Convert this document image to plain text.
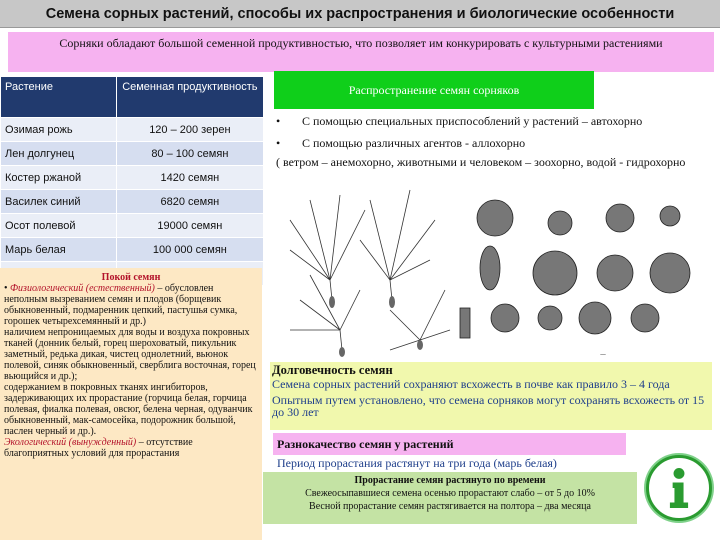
Семена сорных растений, способы их распространения и биологические особенности
Сорняки обладают большой семенной продуктивностью, что позволяет им конкурировать с культурными растениями
Растение	Семенная продуктивность
Озимая рожь	120 – 200 зерен
Лен долгунец	80 – 100 семян
Костер ржаной	1420 семян
Василек синий	6820 семян
Осот полевой	19000 семян
Марь белая	100 000 семян

Распространение семян сорняков
•	С помощью специальных приспособлений у растений – автохорно
•	С помощью различных агентов - аллохорно
( ветром – анемохорно, животными и человеком – зоохорно, водой - гидрохорно
—
Покой семян
• Физиологический (естественный) – обусловлен неполным вызреванием семян и плодов (борщевик обыкновенный, подмаренник цепкий, пастушья сумка, горошек четырехсемянный и др.)
наличием непроницаемых для воды и воздуха покровных тканей (донник белый, горец шероховатый, пикульник заметный, редька дикая, чистец однолетний, вьюнок полевой, синяк обыкновенный, сверблига восточная, горец вьющийся и др.);
содержанием в покровных тканях ингибиторов, задерживающих их прорастание (горчица белая, горчица полевая, фиалка полевая, овсюг, белена черная, одуванчик обыкновенный, мак-самосейка, подорожник большой, паслен черный и др.).
Экологический (вынужденный) – отсутствие благоприятных условий для прорастания
Долговечность семян
Семена сорных растений сохраняют всхожесть в почве как правило 3 – 4 года
Опытным путем установлено, что семена сорняков могут сохранять всхожесть от 15 до 30 лет
Разнокачество семян у растений
Период прорастания растянут на три года (марь белая)
Прорастание семян растянуто по времени
Свежеосыпавшиеся семена осенью прорастают слабо – от 5 до 10%
Весной прорастание семян растягивается на полтора – два месяца
